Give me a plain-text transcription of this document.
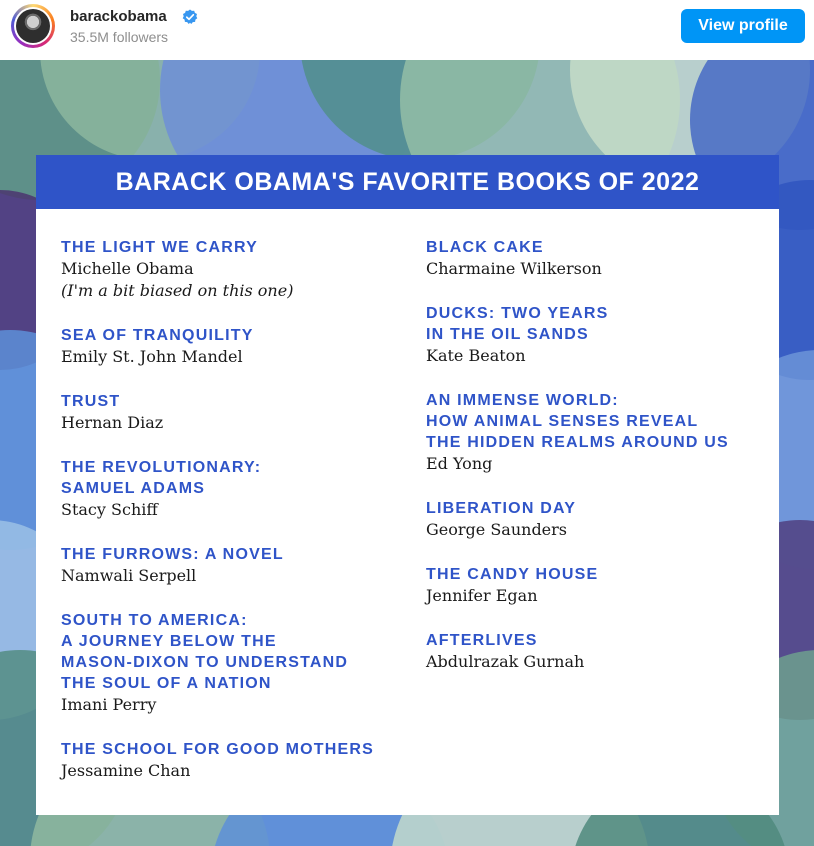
barackobama
35.5M followers
View profile
BARACK OBAMA'S FAVORITE BOOKS OF 2022
THE LIGHT WE CARRY
Michelle Obama
(I'm a bit biased on this one)
SEA OF TRANQUILITY
Emily St. John Mandel
TRUST
Hernan Diaz
THE REVOLUTIONARY:
SAMUEL ADAMS
Stacy Schiff
THE FURROWS: A NOVEL
Namwali Serpell
SOUTH TO AMERICA:
A JOURNEY BELOW THE
MASON-DIXON TO UNDERSTAND
THE SOUL OF A NATION
Imani Perry
THE SCHOOL FOR GOOD MOTHERS
Jessamine Chan
BLACK CAKE
Charmaine Wilkerson
DUCKS: TWO YEARS
IN THE OIL SANDS
Kate Beaton
AN IMMENSE WORLD:
HOW ANIMAL SENSES REVEAL
THE HIDDEN REALMS AROUND US
Ed Yong
LIBERATION DAY
George Saunders
THE CANDY HOUSE
Jennifer Egan
AFTERLIVES
Abdulrazak Gurnah
